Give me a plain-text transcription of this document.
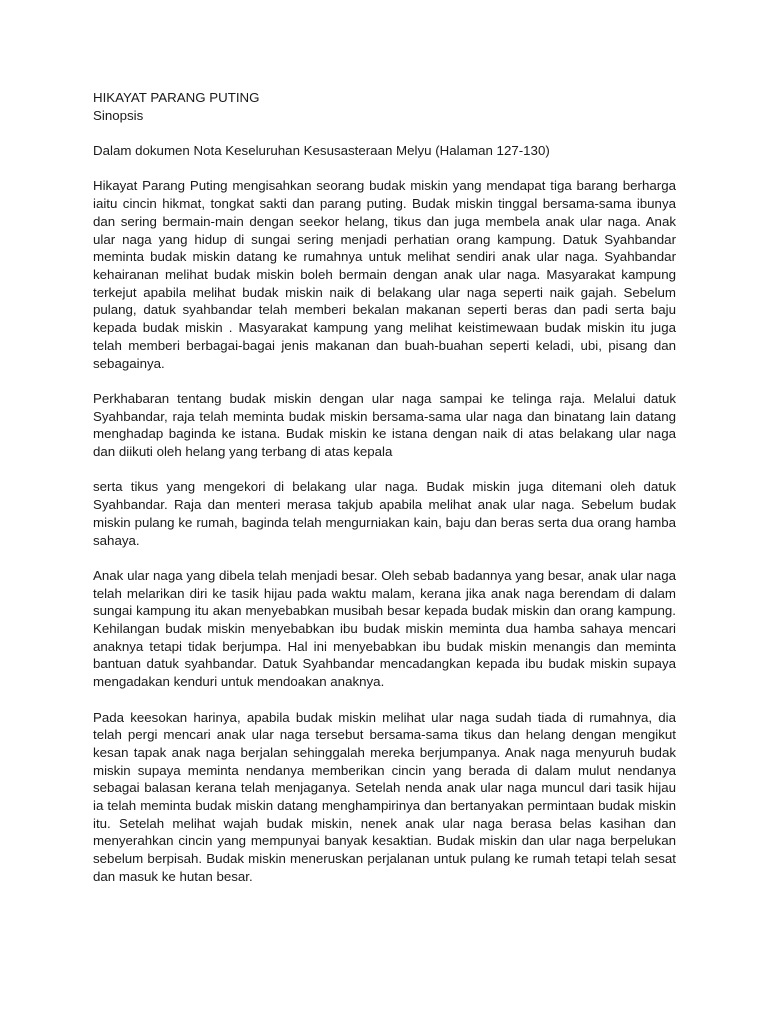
HIKAYAT PARANG PUTING
Sinopsis
Dalam dokumen Nota Keseluruhan Kesusasteraan Melyu (Halaman 127-130)

Hikayat Parang Puting mengisahkan seorang budak miskin yang mendapat tiga barang berharga iaitu cincin hikmat, tongkat sakti dan parang puting. Budak miskin tinggal bersama-sama ibunya dan sering bermain-main dengan seekor helang, tikus dan juga membela anak ular naga. Anak ular naga yang hidup di sungai sering menjadi perhatian orang kampung. Datuk Syahbandar meminta budak miskin datang ke rumahnya untuk melihat sendiri anak ular naga. Syahbandar kehairanan melihat budak miskin boleh bermain dengan anak ular naga. Masyarakat kampung terkejut apabila melihat budak miskin naik di belakang ular naga seperti naik gajah. Sebelum pulang, datuk syahbandar telah memberi bekalan makanan seperti beras dan padi serta baju kepada budak miskin . Masyarakat kampung yang melihat keistimewaan budak miskin itu juga telah memberi berbagai-bagai jenis makanan dan buah-buahan seperti keladi, ubi, pisang dan sebagainya.

Perkhabaran tentang budak miskin dengan ular naga sampai ke telinga raja. Melalui datuk Syahbandar, raja telah meminta budak miskin bersama-sama ular naga dan binatang lain datang menghadap baginda ke istana. Budak miskin ke istana dengan naik di atas belakang ular naga dan diikuti oleh helang yang terbang di atas kepala

serta tikus yang mengekori di belakang ular naga. Budak miskin juga ditemani oleh datuk Syahbandar. Raja dan menteri merasa takjub apabila melihat anak ular naga. Sebelum budak miskin pulang ke rumah, baginda telah mengurniakan kain, baju dan beras serta dua orang hamba sahaya.

Anak ular naga yang dibela telah menjadi besar. Oleh sebab badannya yang besar, anak ular naga telah melarikan diri ke tasik hijau pada waktu malam, kerana jika anak naga berendam di dalam sungai kampung itu akan menyebabkan musibah besar kepada budak miskin dan orang kampung. Kehilangan budak miskin menyebabkan ibu budak miskin meminta dua hamba sahaya mencari anaknya tetapi tidak berjumpa. Hal ini menyebabkan ibu budak miskin menangis dan meminta bantuan datuk syahbandar. Datuk Syahbandar mencadangkan kepada ibu budak miskin supaya mengadakan kenduri untuk mendoakan anaknya.

Pada keesokan harinya, apabila budak miskin melihat ular naga sudah tiada di rumahnya, dia telah pergi mencari anak ular naga tersebut bersama-sama tikus dan helang dengan mengikut kesan tapak anak naga berjalan sehinggalah mereka berjumpanya. Anak naga menyuruh budak miskin supaya meminta nendanya memberikan cincin yang berada di dalam mulut nendanya sebagai balasan kerana telah menjaganya. Setelah nenda anak ular naga muncul dari tasik hijau ia telah meminta budak miskin datang menghampirinya dan bertanyakan permintaan budak miskin itu. Setelah melihat wajah budak miskin, nenek anak ular naga berasa belas kasihan dan menyerahkan cincin yang mempunyai banyak kesaktian. Budak miskin dan ular naga berpelukan sebelum berpisah. Budak miskin meneruskan perjalanan untuk pulang ke rumah tetapi telah sesat dan masuk ke hutan besar.
